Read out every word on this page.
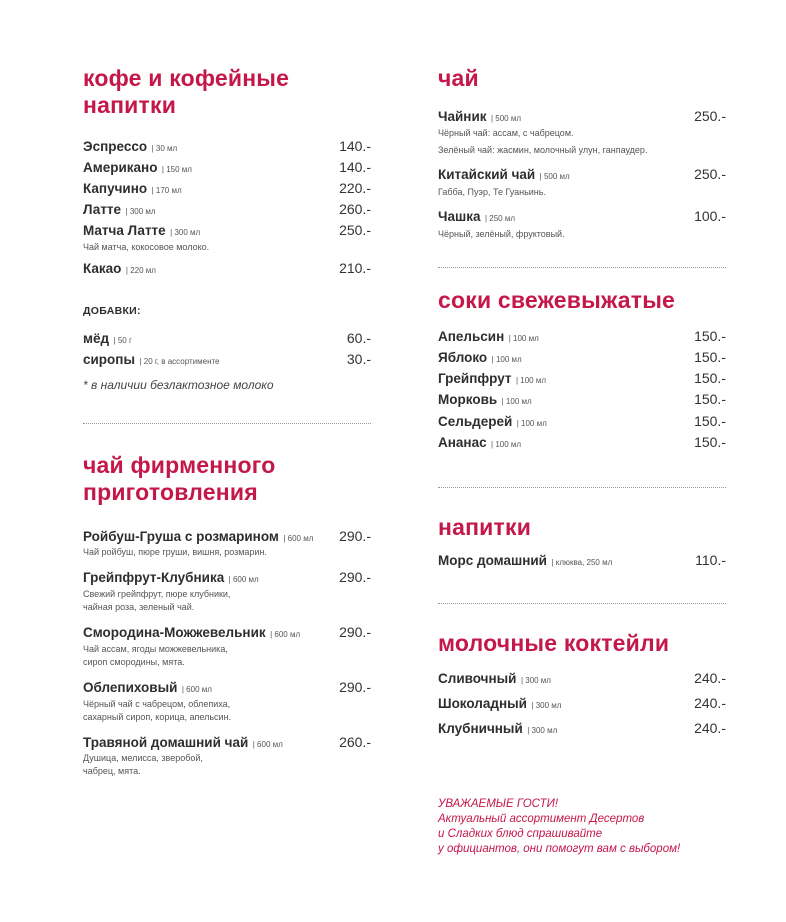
кофе и кофейные
напитки
Эспрессо | 30 мл	140.-
Американо | 150 мл	140.-
Капучино | 170 мл	220.-
Латте | 300 мл	260.-
Матча Латте | 300 мл	250.-
Чай матча, кокосовое молоко.
Какао | 220 мл	210.-
ДОБАВКИ:
мёд | 50 г	60.-
сиропы | 20 г, в ассортименте	30.-
* в наличии безлактозное молоко
чай фирменного
приготовления
Ройбуш-Груша с розмарином | 600 мл 290.-
Чай ройбуш, пюре груши, вишня, розмарин.
Грейпфрут-Клубника | 600 мл	290.-
Свежий грейпфрут, пюре клубники,
чайная роза, зеленый чай.
Смородина-Можжевельник | 600 мл	290.-
Чай ассам, ягоды можжевельника,
сироп смородины, мята.
Облепиховый | 600 мл	290.-
Чёрный чай с чабрецом, облепиха,
сахарный сироп, корица, апельсин.
Травяной домашний чай | 600 мл	260.-
Душица, мелисса, зверобой,
чабрец, мята.
чай
Чайник | 500 мл	250.-
Чёрный чай: ассам, с чабрецом.
Зелёный чай: жасмин, молочный улун, ганпаудер.
Китайский чай | 500 мл	250.-
Габба, Пуэр, Те Гуаньинь.
Чашка | 250 мл	100.-
Чёрный, зелёный, фруктовый.
соки свежевыжатые
Апельсин | 100 мл	150.-
Яблоко | 100 мл	150.-
Грейпфрут | 100 мл	150.-
Морковь | 100 мл	150.-
Сельдерей | 100 мл	150.-
Ананас | 100 мл	150.-
напитки
Морс домашний | клюква, 250 мл	110.-
молочные коктейли
Сливочный | 300 мл	240.-
Шоколадный | 300 мл	240.-
Клубничный | 300 мл	240.-
УВАЖАЕМЫЕ ГОСТИ!
Актуальный ассортимент Десертов
и Сладких блюд спрашивайте
у официантов, они помогут вам с выбором!
